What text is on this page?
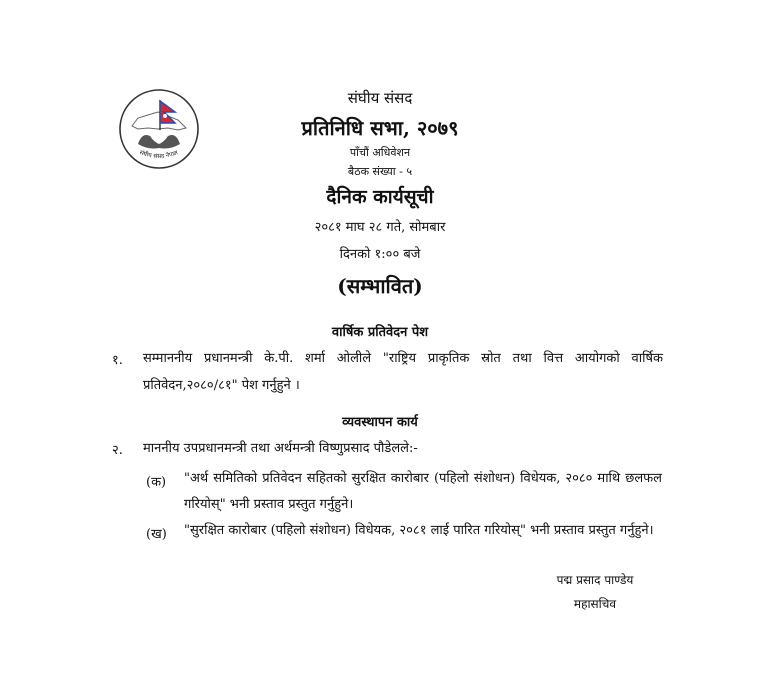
संघीय संसद नेपाल
संघीय संसद
प्रतिनिधि सभा, २०७९
पाँचौं अधिवेशन
बैठक संख्या - ५
दैनिक कार्यसूची
२०८१ माघ २८ गते, सोमबार
दिनको १:०० बजे
(सम्भावित)
वार्षिक प्रतिवेदन पेश
१. सम्माननीय प्रधानमन्त्री के.पी. शर्मा ओलीले "राष्ट्रिय प्राकृतिक स्रोत तथा वित्त आयोगको वार्षिक प्रतिवेदन,२०८०/८१" पेश गर्नुहुने ।
व्यवस्थापन कार्य
२. माननीय उपप्रधानमन्त्री तथा अर्थमन्त्री विष्णुप्रसाद पौडेलले:-
(क) "अर्थ समितिको प्रतिवेदन सहितको सुरक्षित कारोबार (पहिलो संशोधन) विधेयक, २०८० माथि छलफल गरियोस्" भनी प्रस्ताव प्रस्तुत गर्नुहुने।
(ख) "सुरक्षित कारोबार (पहिलो संशोधन) विधेयक, २०८१ लाई पारित गरियोस्" भनी प्रस्ताव प्रस्तुत गर्नुहुने।
पद्म प्रसाद पाण्डेय
महासचिव
